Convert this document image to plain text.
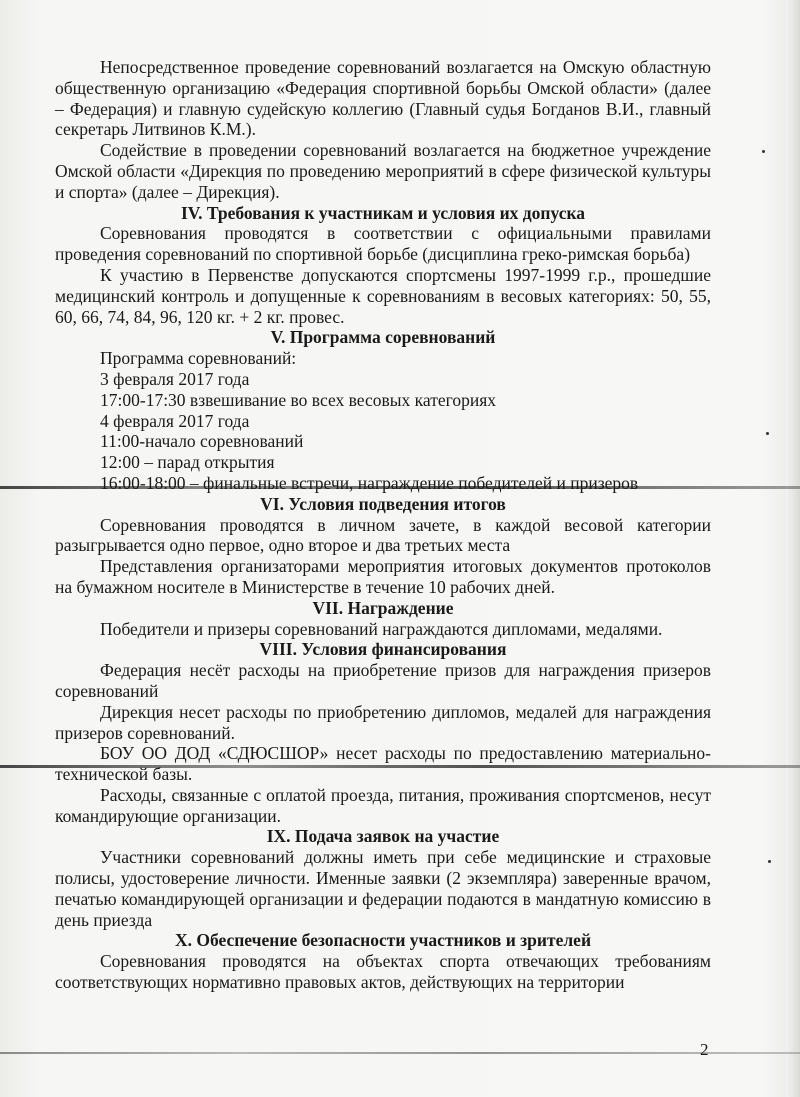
Непосредственное проведение соревнований возлагается на Омскую областную общественную организацию «Федерация спортивной борьбы Омской области» (далее – Федерация) и главную судейскую коллегию (Главный судья Богданов В.И., главный секретарь Литвинов К.М.).

Содействие в проведении соревнований возлагается на бюджетное учреждение Омской области «Дирекция по проведению мероприятий в сфере физической культуры и спорта» (далее – Дирекция).

IV. Требования к участникам и условия их допуска

Соревнования проводятся в соответствии с официальными правилами проведения соревнований по спортивной борьбе (дисциплина греко-римская борьба)

К участию в Первенстве допускаются спортсмены 1997-1999 г.р., прошедшие медицинский контроль и допущенные к соревнованиям в весовых категориях: 50, 55, 60, 66, 74, 84, 96, 120 кг. + 2 кг. провес.

V. Программа соревнований

Программа соревнований:

3 февраля 2017 года

17:00-17:30 взвешивание во всех весовых категориях

4 февраля 2017 года

11:00-начало соревнований

12:00 – парад открытия

16:00-18:00 – финальные встречи, награждение победителей и призеров

VI. Условия подведения итогов

Соревнования проводятся в личном зачете, в каждой весовой категории разыгрывается одно первое, одно второе и два третьих места

Представления организаторами мероприятия итоговых документов протоколов на бумажном носителе в Министерстве в течение 10 рабочих дней.

VII. Награждение

Победители и призеры соревнований награждаются дипломами, медалями.

VIII. Условия финансирования

Федерация несёт расходы на приобретение призов для награждения призеров соревнований

Дирекция несет расходы по приобретению дипломов, медалей для награждения призеров соревнований.

БОУ ОО ДОД «СДЮСШОР» несет расходы по предоставлению материально-технической базы.

Расходы, связанные с оплатой проезда, питания, проживания спортсменов, несут командирующие организации.

IX. Подача заявок на участие

Участники соревнований должны иметь при себе медицинские и страховые полисы, удостоверение личности. Именные заявки (2 экземпляра) заверенные врачом, печатью командирующей организации и федерации подаются в мандатную комиссию в день приезда

X. Обеспечение безопасности участников и зрителей

Соревнования проводятся на объектах спорта отвечающих требованиям соответствующих нормативно правовых актов, действующих на территории

2
